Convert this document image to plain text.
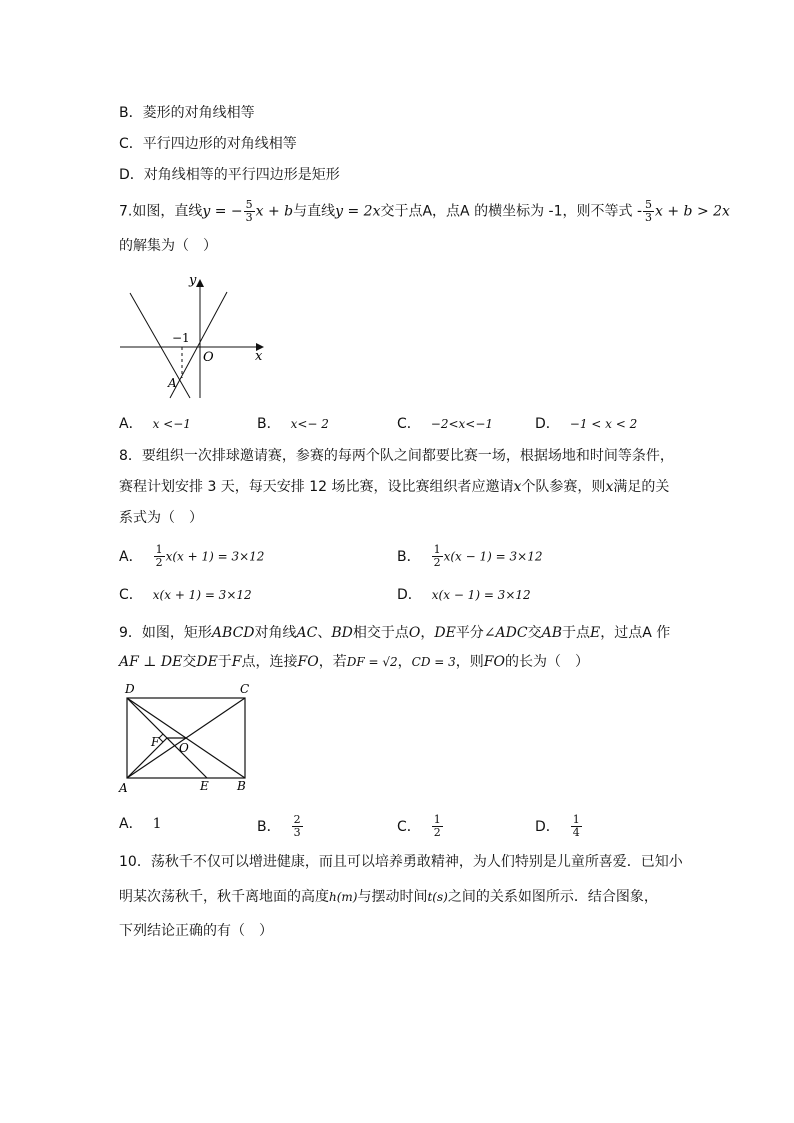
B．菱形的对角线相等
C．平行四边形的对角线相等
D．对角线相等的平行四边形是矩形
7.如图，直线y = − $\frac{5}{3}$ x + b与直线y = 2x交于点A，点A 的横坐标为 -1，则不等式 - $\frac{5}{3}$ x + b > 2x
的解集为（　）
y
x
O
−1
A
A． x <−1	B． x<− 2	C． −2<x<−1	D． −1 < x < 2
8．要组织一次排球邀请赛，参赛的每两个队之间都要比赛一场，根据场地和时间等条件，
赛程计划安排 3 天，每天安排 12 场比赛，设比赛组织者应邀请x个队参赛，则x满足的关
系式为（　）
A． $\frac{1}{2} x(x + 1) = 3\times 12$	B． $\frac{1}{2} x(x - 1) = 3\times 12$
C． x(x + 1) = 3×12	D． x(x − 1) = 3×12
9．如图，矩形ABCD对角线AC、BD相交于点O，DE平分∠ADC交AB于点E，过点A 作
AF ⊥ DE交DE于F点，连接FO，若DF = √2，CD = 3，则FO的长为（　）
D	C
A	B
E
F O
A． 1	B． $\frac{2}{3}$	C． $\frac{1}{2}$	D． $\frac{1}{4}$
10．荡秋千不仅可以增进健康，而且可以培养勇敢精神，为人们特别是儿童所喜爱．已知小
明某次荡秋千，秋千离地面的高度h(m)与摆动时间t(s)之间的关系如图所示．结合图象，
下列结论正确的有（　）
